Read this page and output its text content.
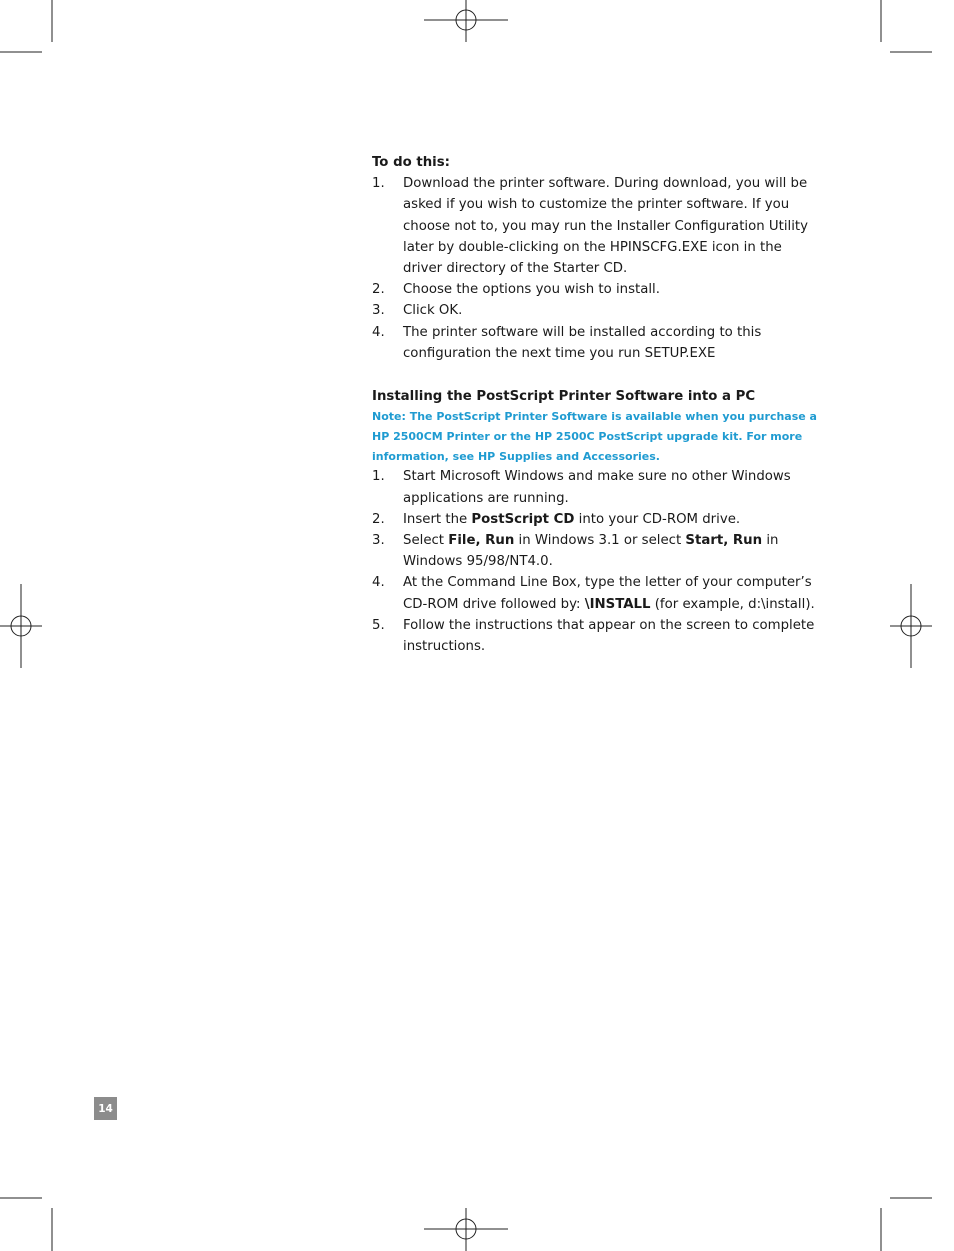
To do this:

1.	Download the printer software. During download, you will be asked if you wish to customize the printer software. If you choose not to, you may run the Installer Configuration Utility later by double-clicking on the HPINSCFG.EXE icon in the driver directory of the Starter CD.
2.	Choose the options you wish to install.
3.	Click OK.
4.	The printer software will be installed according to this configuration the next time you run SETUP.EXE

Installing the PostScript Printer Software into a PC

Note: The PostScript Printer Software is available when you purchase a HP 2500CM Printer or the HP 2500C PostScript upgrade kit. For more information, see HP Supplies and Accessories.

1.	Start Microsoft Windows and make sure no other Windows applications are running.
2.	Insert the PostScript CD into your CD-ROM drive.
3.	Select File, Run in Windows 3.1 or select Start, Run in Windows 95/98/NT4.0.
4.	At the Command Line Box, type the letter of your computer’s CD-ROM drive followed by: \INSTALL (for example, d:\install).
5.	Follow the instructions that appear on the screen to complete instructions.
14
